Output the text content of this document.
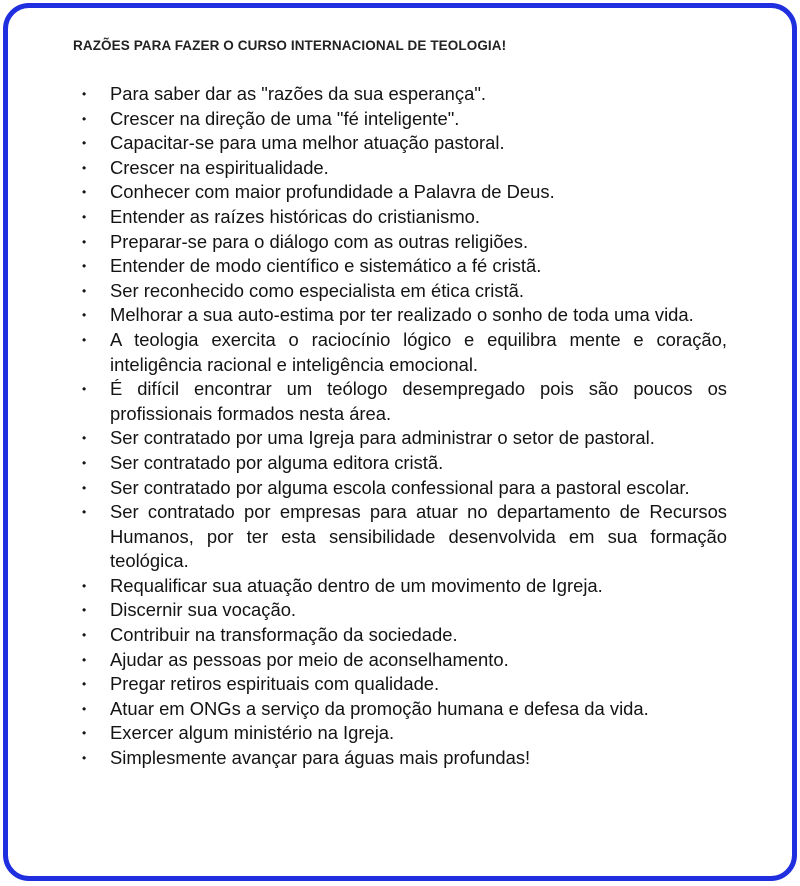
RAZÕES PARA FAZER O CURSO INTERNACIONAL DE TEOLOGIA!
• Para saber dar as "razões da sua esperança".
• Crescer na direção de uma "fé inteligente".
• Capacitar-se para uma melhor atuação pastoral.
• Crescer na espiritualidade.
• Conhecer com maior profundidade a Palavra de Deus.
• Entender as raízes históricas do cristianismo.
• Preparar-se para o diálogo com as outras religiões.
• Entender de modo científico e sistemático a fé cristã.
• Ser reconhecido como especialista em ética cristã.
• Melhorar a sua auto-estima por ter realizado o sonho de toda uma vida.
• A teologia exercita o raciocínio lógico e equilibra mente e coração, inteligência racional e inteligência emocional.
• É difícil encontrar um teólogo desempregado pois são poucos os profissionais formados nesta área.
• Ser contratado por uma Igreja para administrar o setor de pastoral.
• Ser contratado por alguma editora cristã.
• Ser contratado por alguma escola confessional para a pastoral escolar.
• Ser contratado por empresas para atuar no departamento de Recursos Humanos, por ter esta sensibilidade desenvolvida em sua formação teológica.
• Requalificar sua atuação dentro de um movimento de Igreja.
• Discernir sua vocação.
• Contribuir na transformação da sociedade.
• Ajudar as pessoas por meio de aconselhamento.
• Pregar retiros espirituais com qualidade.
• Atuar em ONGs a serviço da promoção humana e defesa da vida.
• Exercer algum ministério na Igreja.
• Simplesmente avançar para águas mais profundas!
